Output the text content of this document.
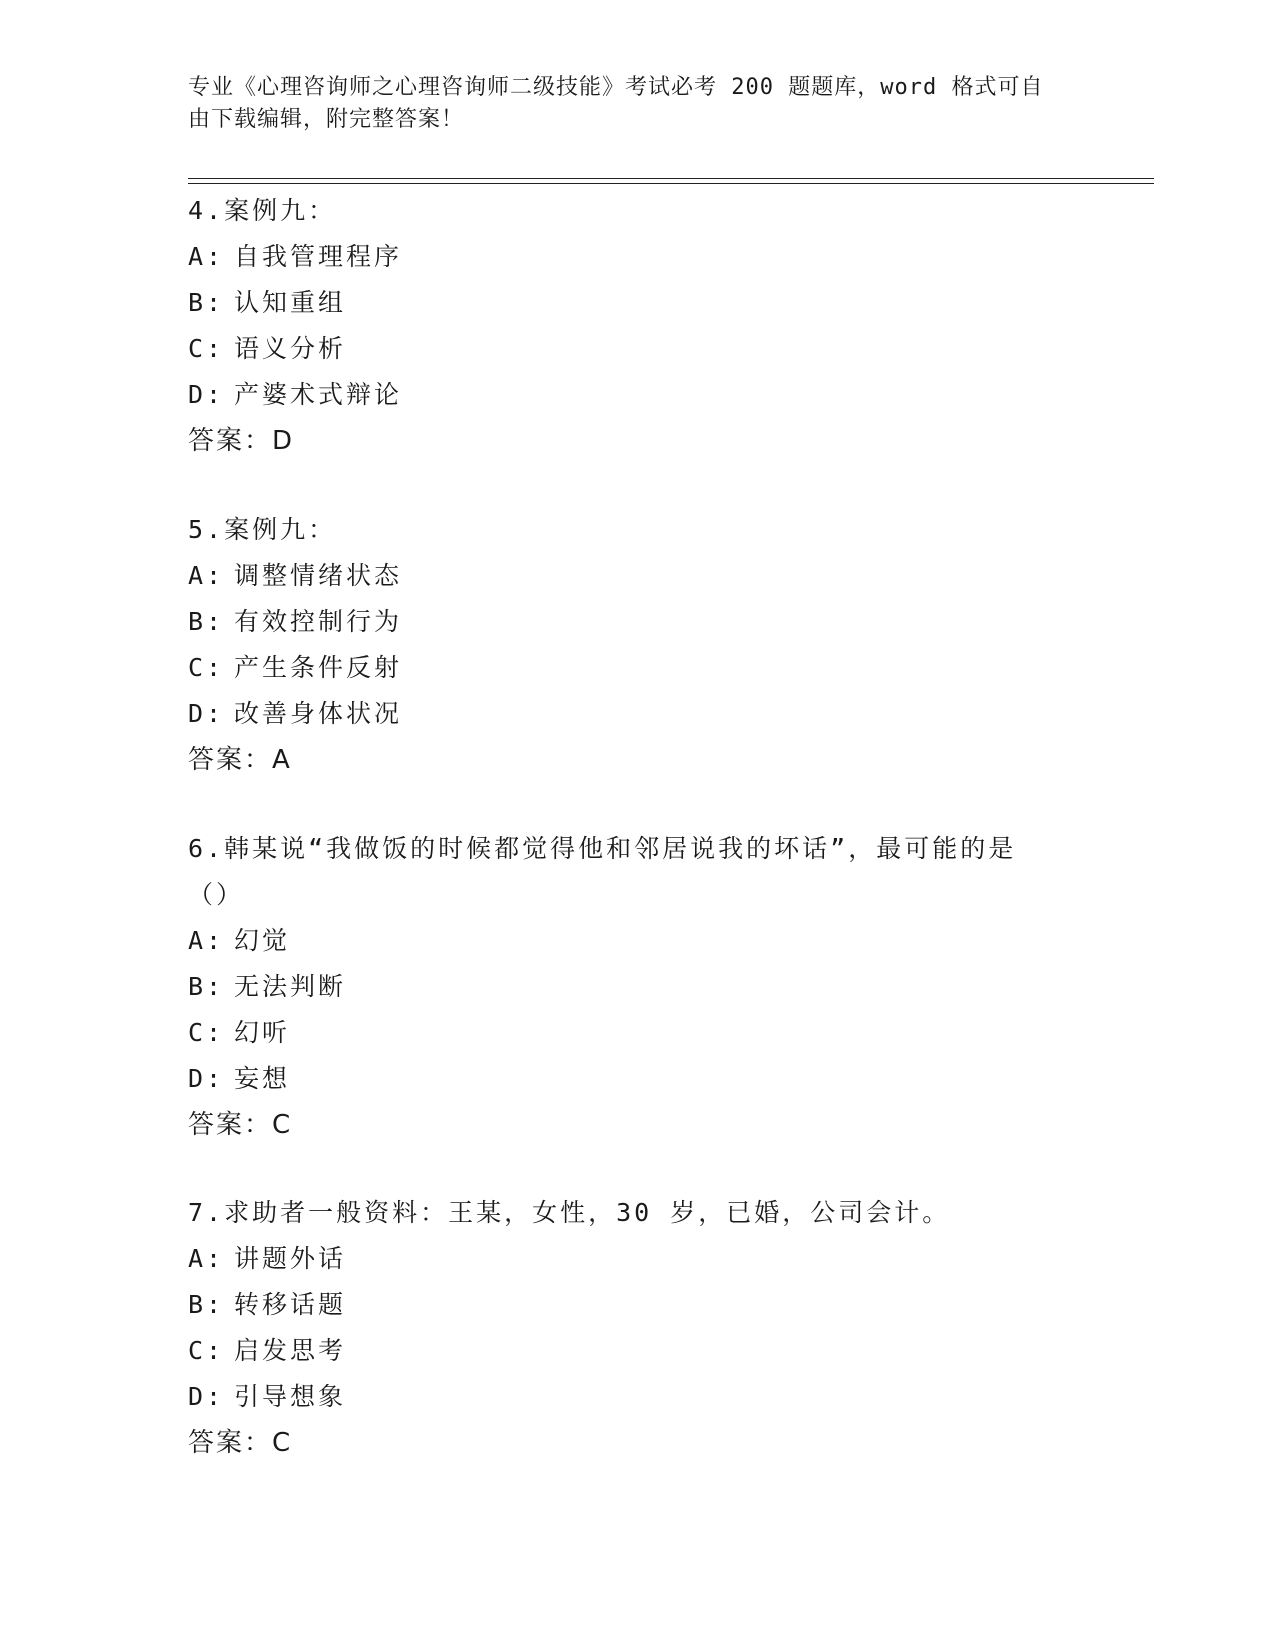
专业《心理咨询师之心理咨询师二级技能》考试必考 200 题题库，word 格式可自
由下载编辑，附完整答案！
4.案例九：
A: 自我管理程序
B: 认知重组
C: 语义分析
D: 产婆术式辩论
答案：D
5.案例九：
A: 调整情绪状态
B: 有效控制行为
C: 产生条件反射
D: 改善身体状况
答案：A
6.韩某说“我做饭的时候都觉得他和邻居说我的坏话”，最可能的是
（）
A: 幻觉
B: 无法判断
C: 幻听
D: 妄想
答案：C
7.求助者一般资料：王某，女性，30 岁，已婚，公司会计。
A: 讲题外话
B: 转移话题
C: 启发思考
D: 引导想象
答案：C
